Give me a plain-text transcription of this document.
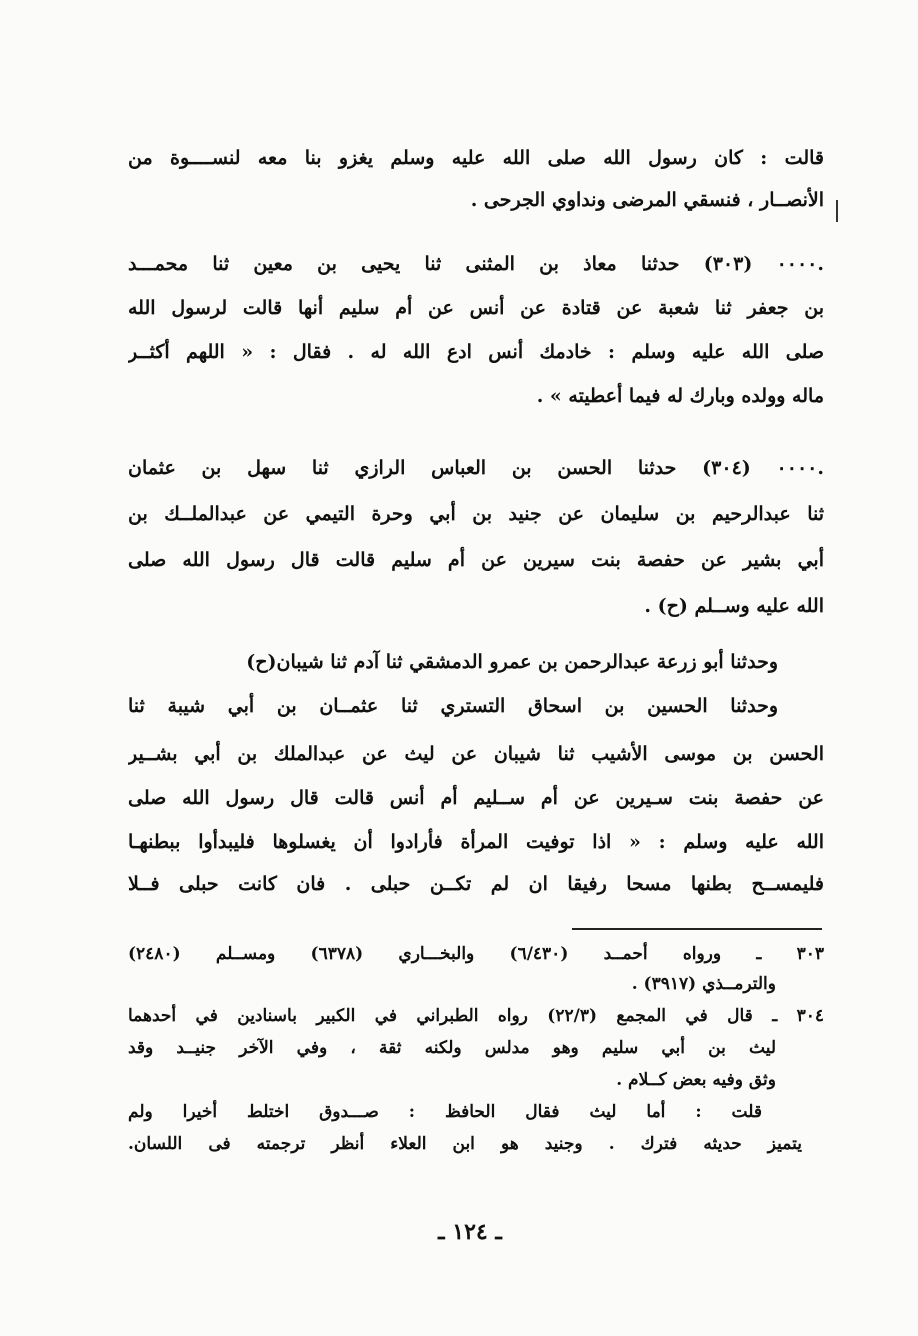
قالت : كان رسول الله صلى الله عليه وسلم يغزو بنا معه لنســــوة من
الأنصــار ، فنسقي المرضى ونداوي الجرحى .
.٠٠٠٠ (٣٠٣) حدثنا معاذ بن المثنى ثنا يحيى بن معين ثنا محمـــد
بن جعفر ثنا شعبة عن قتادة عن أنس عن أم سليم أنها قالت لرسول الله
صلى الله عليه وسلم : خادمك أنس ادع الله له . فقال : « اللهم أكثــر
ماله وولده وبارك له فيما أعطيته » .
.٠٠٠٠ (٣٠٤) حدثنا الحسن بن العباس الرازي ثنا سهل بن عثمان
ثنا عبدالرحيم بن سليمان عن جنيد بن أبي وحرة التيمي عن عبدالملــك بن
أبي بشير عن حفصة بنت سيرين عن أم سليم قالت قال رسول الله صلى
الله عليه وســلم (ح) .
وحدثنا أبو زرعة عبدالرحمن بن عمرو الدمشقي ثنا آدم ثنا شيبان(ح)
وحدثنا الحسين بن اسحاق التستري ثنا عثمــان بن أبي شيبة ثنا
الحسن بن موسى الأشيب ثنا شيبان عن ليث عن عبدالملك بن أبي بشــير
عن حفصة بنت سـيرين عن أم ســليم أم أنس قالت قال رسول الله صلى
الله عليه وسلم : « اذا توفيت المرأة فأرادوا أن يغسلوها فليبدأوا ببطنهـا
فليمســح بطنها مسحا رفيقا ان لم تكــن حبلى . فان كانت حبلى فــلا
٣٠٣ ـ ورواه أحمــد (٦/٤٣٠) والبخـــاري (٦٣٧٨) ومســلم (٢٤٨٠)
والترمــذي (٣٩١٧) .
٣٠٤ ـ قال في المجمع (٢٢/٣) رواه الطبراني في الكبير باسنادين في أحدهما
ليث بن أبي سليم وهو مدلس ولكنه ثقة ، وفي الآخر جنيــد وقد
وثق وفيه بعض كــلام .
قلت : أما ليث فقال الحافظ : صـــدوق اختلط أخيرا ولم
يتميز حديثه فترك . وجنيد هو ابن العلاء أنظر ترجمته فى اللسان.
ـ ١٢٤ ـ
